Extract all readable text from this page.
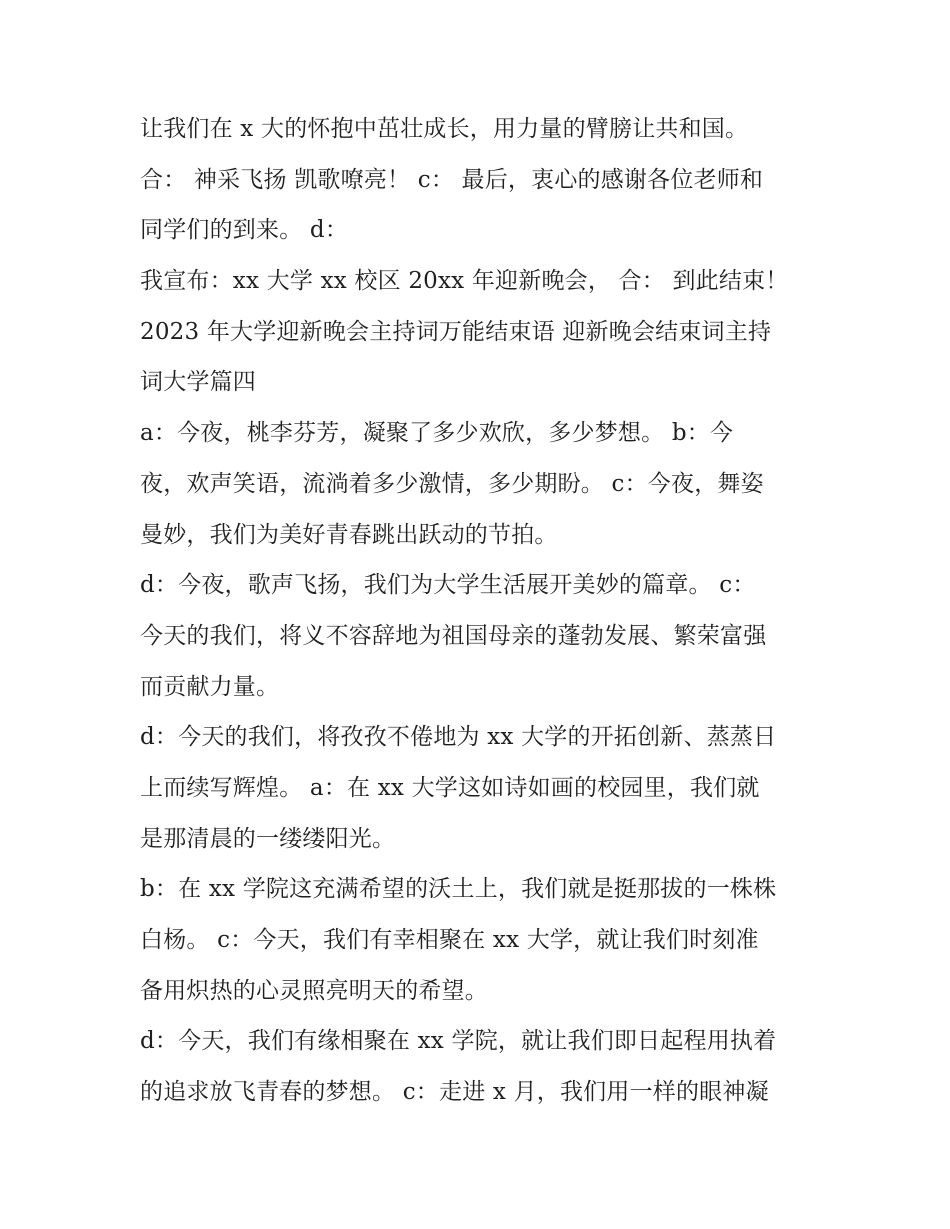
让我们在 x 大的怀抱中茁壮成长，用力量的臂膀让共和国。
合： 神采飞扬 凯歌嘹亮！ c： 最后，衷心的感谢各位老师和
同学们的到来。 d：
我宣布：xx 大学 xx 校区 20xx 年迎新晚会， 合： 到此结束！
2023 年大学迎新晚会主持词万能结束语 迎新晚会结束词主持
词大学篇四
a：今夜，桃李芬芳，凝聚了多少欢欣，多少梦想。 b：今
夜，欢声笑语，流淌着多少激情，多少期盼。 c：今夜，舞姿
曼妙，我们为美好青春跳出跃动的节拍。
d：今夜，歌声飞扬，我们为大学生活展开美妙的篇章。 c：
今天的我们，将义不容辞地为祖国母亲的蓬勃发展、繁荣富强
而贡献力量。
d：今天的我们，将孜孜不倦地为 xx 大学的开拓创新、蒸蒸日
上而续写辉煌。 a：在 xx 大学这如诗如画的校园里，我们就
是那清晨的一缕缕阳光。
b：在 xx 学院这充满希望的沃土上，我们就是挺那拔的一株株
白杨。 c：今天，我们有幸相聚在 xx 大学，就让我们时刻准
备用炽热的心灵照亮明天的希望。
d：今天，我们有缘相聚在 xx 学院，就让我们即日起程用执着
的追求放飞青春的梦想。 c：走进 x 月，我们用一样的眼神凝
